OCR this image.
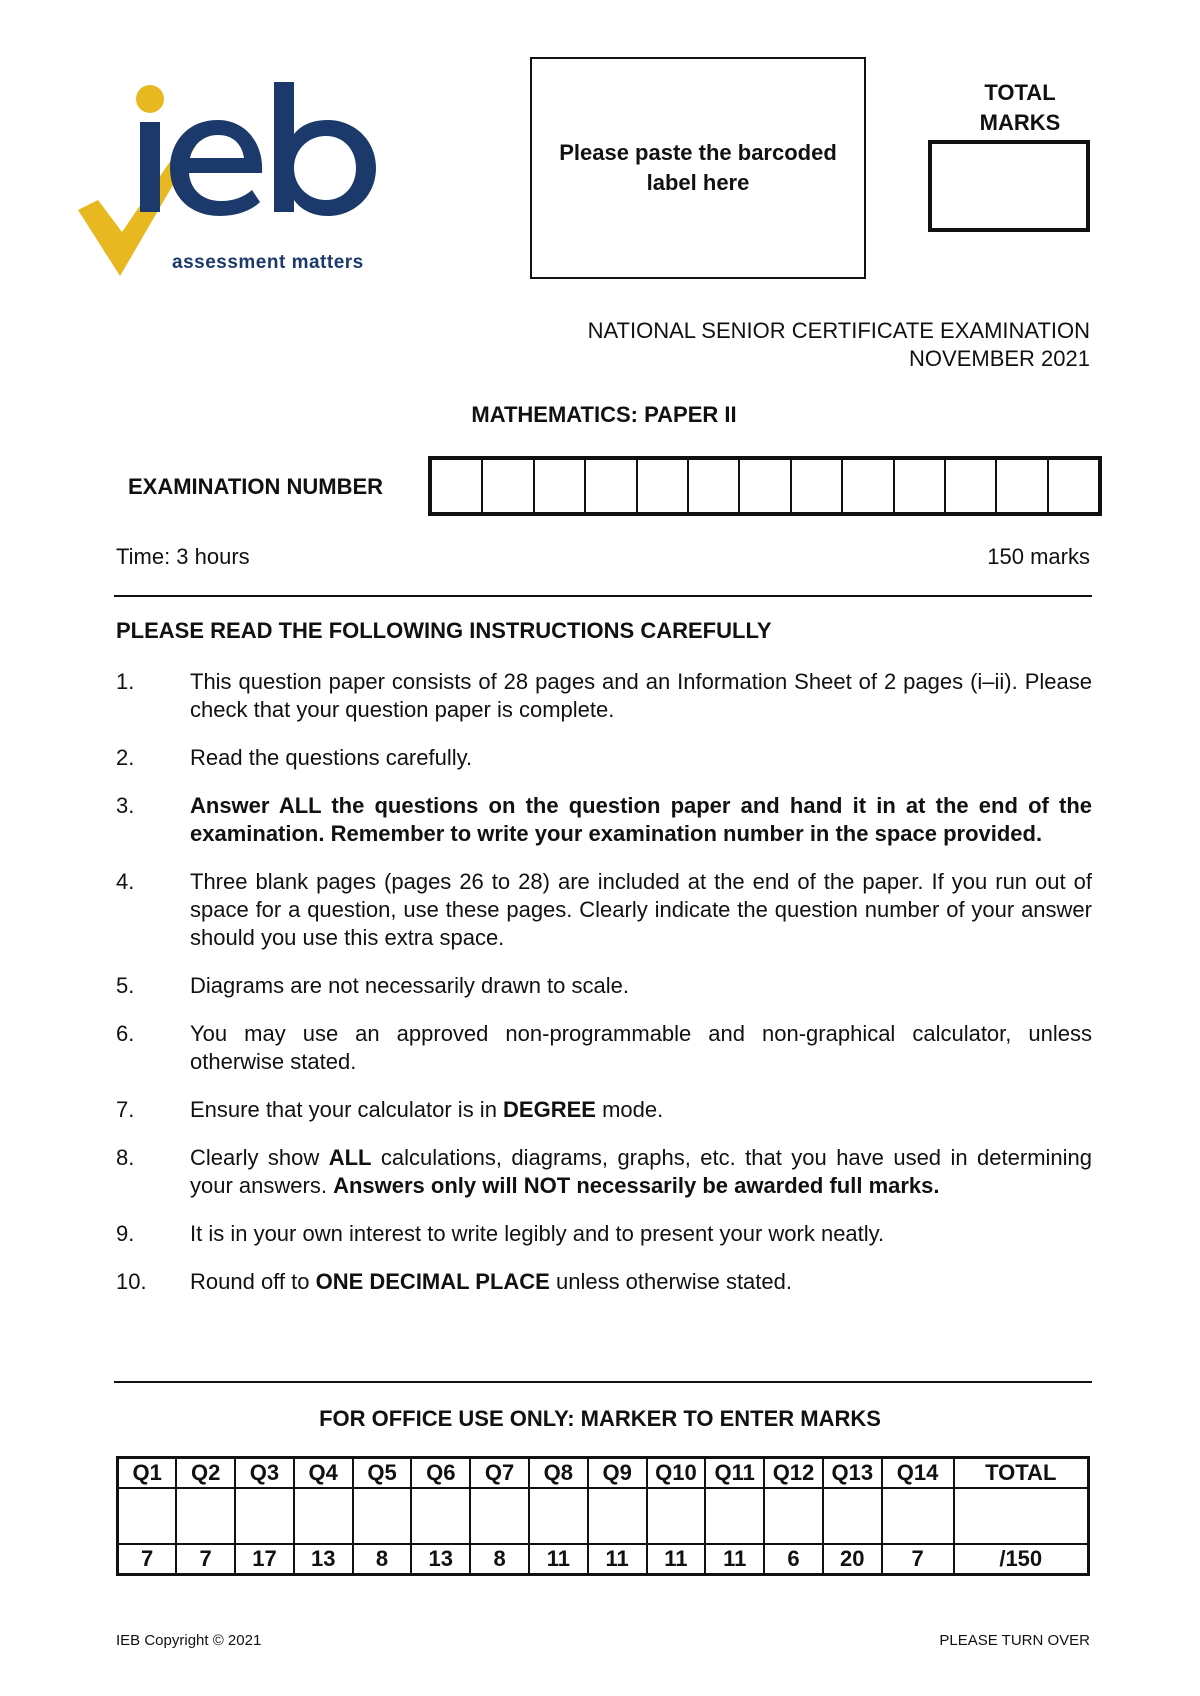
assessment matters
Please paste the barcoded label here
TOTAL
MARKS
NATIONAL SENIOR CERTIFICATE EXAMINATION
NOVEMBER 2021
MATHEMATICS: PAPER II
EXAMINATION NUMBER
Time: 3 hours	150 marks
PLEASE READ THE FOLLOWING INSTRUCTIONS CAREFULLY
1.	This question paper consists of 28 pages and an Information Sheet of 2 pages (i–ii). Please check that your question paper is complete.
2.	Read the questions carefully.
3.	Answer ALL the questions on the question paper and hand it in at the end of the examination. Remember to write your examination number in the space provided.
4.	Three blank pages (pages 26 to 28) are included at the end of the paper. If you run out of space for a question, use these pages. Clearly indicate the question number of your answer should you use this extra space.
5.	Diagrams are not necessarily drawn to scale.
6.	You may use an approved non-programmable and non-graphical calculator, unless otherwise stated.
7.	Ensure that your calculator is in DEGREE mode.
8.	Clearly show ALL calculations, diagrams, graphs, etc. that you have used in determining your answers. Answers only will NOT necessarily be awarded full marks.
9.	It is in your own interest to write legibly and to present your work neatly.
10.	Round off to ONE DECIMAL PLACE unless otherwise stated.
FOR OFFICE USE ONLY: MARKER TO ENTER MARKS
Q1	Q2	Q3	Q4	Q5	Q6	Q7	Q8	Q9	Q10	Q11	Q12	Q13	Q14	TOTAL

7	7	17	13	8	13	8	11	11	11	11	6	20	7	/150
IEB Copyright © 2021	PLEASE TURN OVER
